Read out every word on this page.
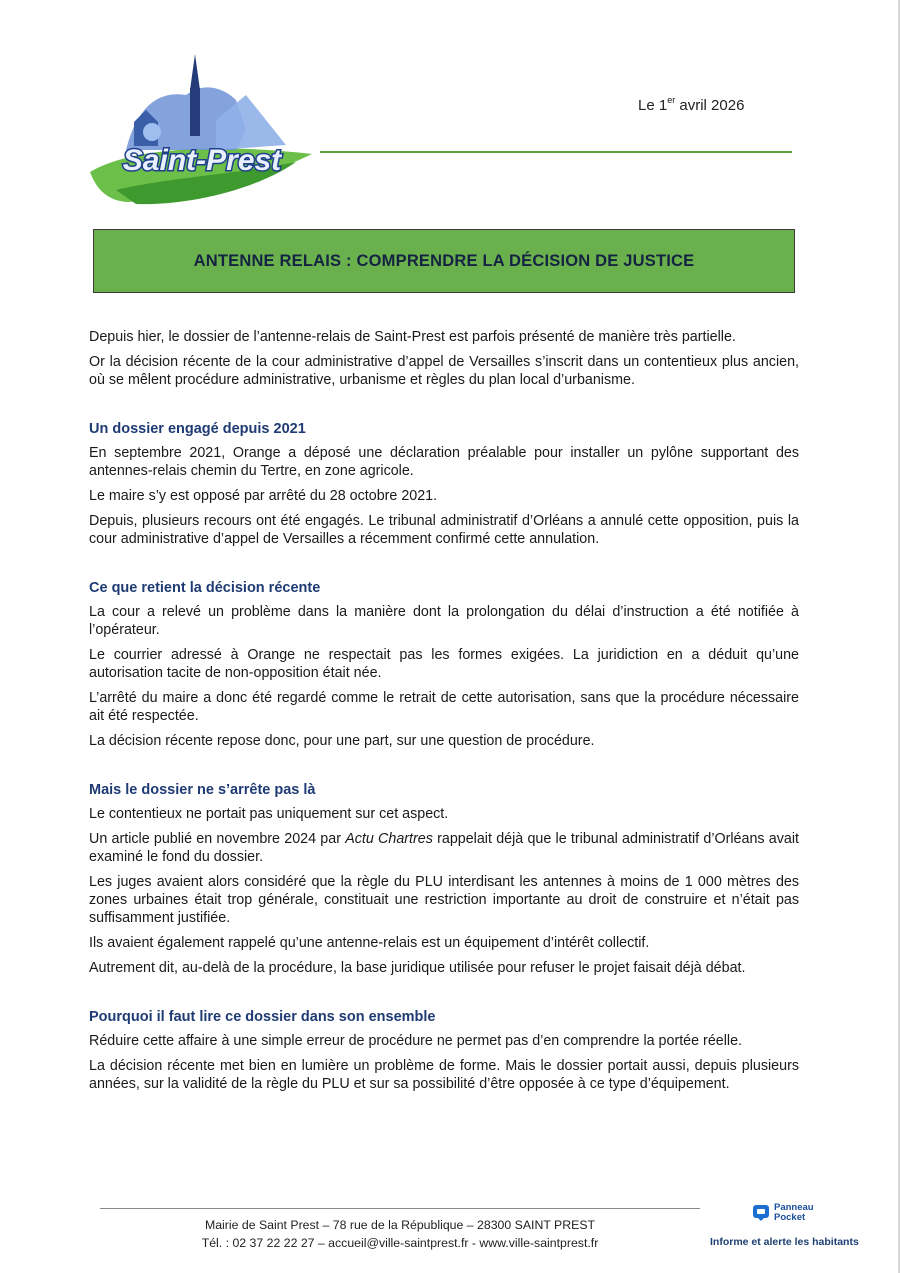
Saint-Prest
Le 1er avril 2026
ANTENNE RELAIS : COMPRENDRE LA DÉCISION DE JUSTICE

Depuis hier, le dossier de l’antenne-relais de Saint-Prest est parfois présenté de manière très partielle.

Or la décision récente de la cour administrative d’appel de Versailles s’inscrit dans un contentieux plus ancien, où se mêlent procédure administrative, urbanisme et règles du plan local d’urbanisme.

Un dossier engagé depuis 2021

En septembre 2021, Orange a déposé une déclaration préalable pour installer un pylône supportant des antennes-relais chemin du Tertre, en zone agricole.

Le maire s’y est opposé par arrêté du 28 octobre 2021.

Depuis, plusieurs recours ont été engagés. Le tribunal administratif d’Orléans a annulé cette opposition, puis la cour administrative d’appel de Versailles a récemment confirmé cette annulation.

Ce que retient la décision récente

La cour a relevé un problème dans la manière dont la prolongation du délai d’instruction a été notifiée à l’opérateur.

Le courrier adressé à Orange ne respectait pas les formes exigées. La juridiction en a déduit qu’une autorisation tacite de non-opposition était née.

L’arrêté du maire a donc été regardé comme le retrait de cette autorisation, sans que la procédure nécessaire ait été respectée.

La décision récente repose donc, pour une part, sur une question de procédure.

Mais le dossier ne s’arrête pas là

Le contentieux ne portait pas uniquement sur cet aspect.

Un article publié en novembre 2024 par Actu Chartres rappelait déjà que le tribunal administratif d’Orléans avait examiné le fond du dossier.

Les juges avaient alors considéré que la règle du PLU interdisant les antennes à moins de 1 000 mètres des zones urbaines était trop générale, constituait une restriction importante au droit de construire et n’était pas suffisamment justifiée.

Ils avaient également rappelé qu’une antenne-relais est un équipement d’intérêt collectif.

Autrement dit, au-delà de la procédure, la base juridique utilisée pour refuser le projet faisait déjà débat.

Pourquoi il faut lire ce dossier dans son ensemble

Réduire cette affaire à une simple erreur de procédure ne permet pas d’en comprendre la portée réelle.

La décision récente met bien en lumière un problème de forme. Mais le dossier portait aussi, depuis plusieurs années, sur la validité de la règle du PLU et sur sa possibilité d’être opposée à ce type d’équipement.

Mairie de Saint Prest – 78 rue de la République – 28300 SAINT PREST
Tél. : 02 37 22 22 27 – accueil@ville-saintprest.fr - www.ville-saintprest.fr
Panneau
Pocket
Informe et alerte les habitants
